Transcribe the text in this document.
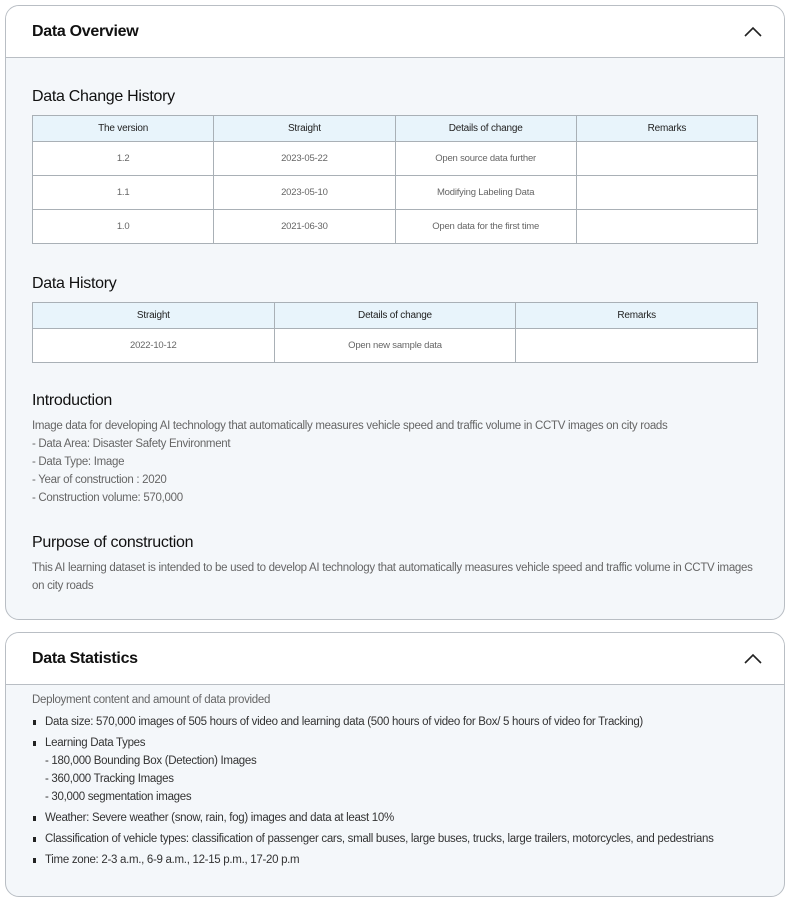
Data Overview
Data Change History
The version	Straight	Details of change	Remarks
1.2	2023-05-22	Open source data further	
1.1	2023-05-10	Modifying Labeling Data	
1.0	2021-06-30	Open data for the first time	
Data History
Straight	Details of change	Remarks
2022-10-12	Open new sample data	
Introduction
Image data for developing AI technology that automatically measures vehicle speed and traffic volume in CCTV images on city roads
- Data Area: Disaster Safety Environment
- Data Type: Image
- Year of construction : 2020
- Construction volume: 570,000
Purpose of construction

This AI learning dataset is intended to be used to develop AI technology that automatically measures vehicle speed and traffic volume in CCTV images on city roads

Data Statistics
Deployment content and amount of data provided
Data size: 570,000 images of 505 hours of video and learning data (500 hours of video for Box/ 5 hours of video for Tracking)
Learning Data Types
- 180,000 Bounding Box (Detection) Images
- 360,000 Tracking Images
- 30,000 segmentation images
Weather: Severe weather (snow, rain, fog) images and data at least 10%
Classification of vehicle types: classification of passenger cars, small buses, large buses, trucks, large trailers, motorcycles, and pedestrians
Time zone: 2-3 a.m., 6-9 a.m., 12-15 p.m., 17-20 p.m
